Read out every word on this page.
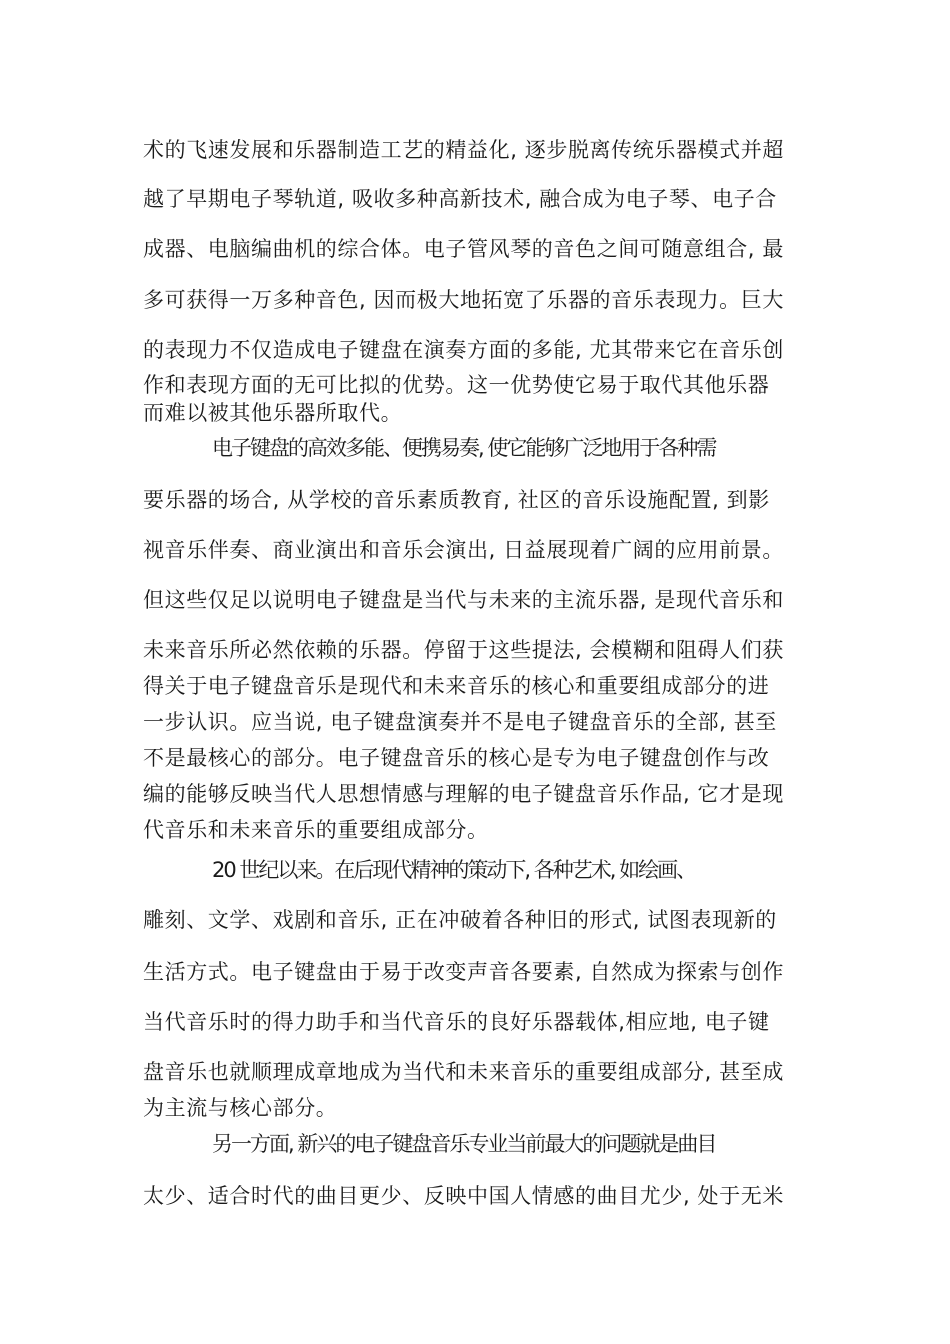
术的飞速发展和乐器制造工艺的精益化, 逐步脱离传统乐器模式并超

越了早期电子琴轨道, 吸收多种高新技术, 融合成为电子琴、电子合

成器、电脑编曲机的综合体。电子管风琴的音色之间可随意组合, 最

多可获得一万多种音色, 因而极大地拓宽了乐器的音乐表现力。巨大

的表现力不仅造成电子键盘在演奏方面的多能, 尤其带来它在音乐创

作和表现方面的无可比拟的优势。这一优势使它易于取代其他乐器

而难以被其他乐器所取代。

电子键盘的高效多能、便携易奏, 使它能够广泛地用于各种需

要乐器的场合, 从学校的音乐素质教育, 社区的音乐设施配置, 到影

视音乐伴奏、商业演出和音乐会演出, 日益展现着广阔的应用前景。

但这些仅足以说明电子键盘是当代与未来的主流乐器, 是现代音乐和

未来音乐所必然依赖的乐器。停留于这些提法, 会模糊和阻碍人们获

得关于电子键盘音乐是现代和未来音乐的核心和重要组成部分的进

一步认识。应当说, 电子键盘演奏并不是电子键盘音乐的全部, 甚至

不是最核心的部分。电子键盘音乐的核心是专为电子键盘创作与改

编的能够反映当代人思想情感与理解的电子键盘音乐作品, 它才是现

代音乐和未来音乐的重要组成部分。

20 世纪以来。在后现代精神的策动下, 各种艺术, 如绘画、

雕刻、文学、戏剧和音乐, 正在冲破着各种旧的形式, 试图表现新的

生活方式。电子键盘由于易于改变声音各要素, 自然成为探索与创作

当代音乐时的得力助手和当代音乐的良好乐器载体,相应地, 电子键

盘音乐也就顺理成章地成为当代和未来音乐的重要组成部分, 甚至成

为主流与核心部分。

另一方面, 新兴的电子键盘音乐专业当前最大的问题就是曲目

太少、适合时代的曲目更少、反映中国人情感的曲目尤少, 处于无米
